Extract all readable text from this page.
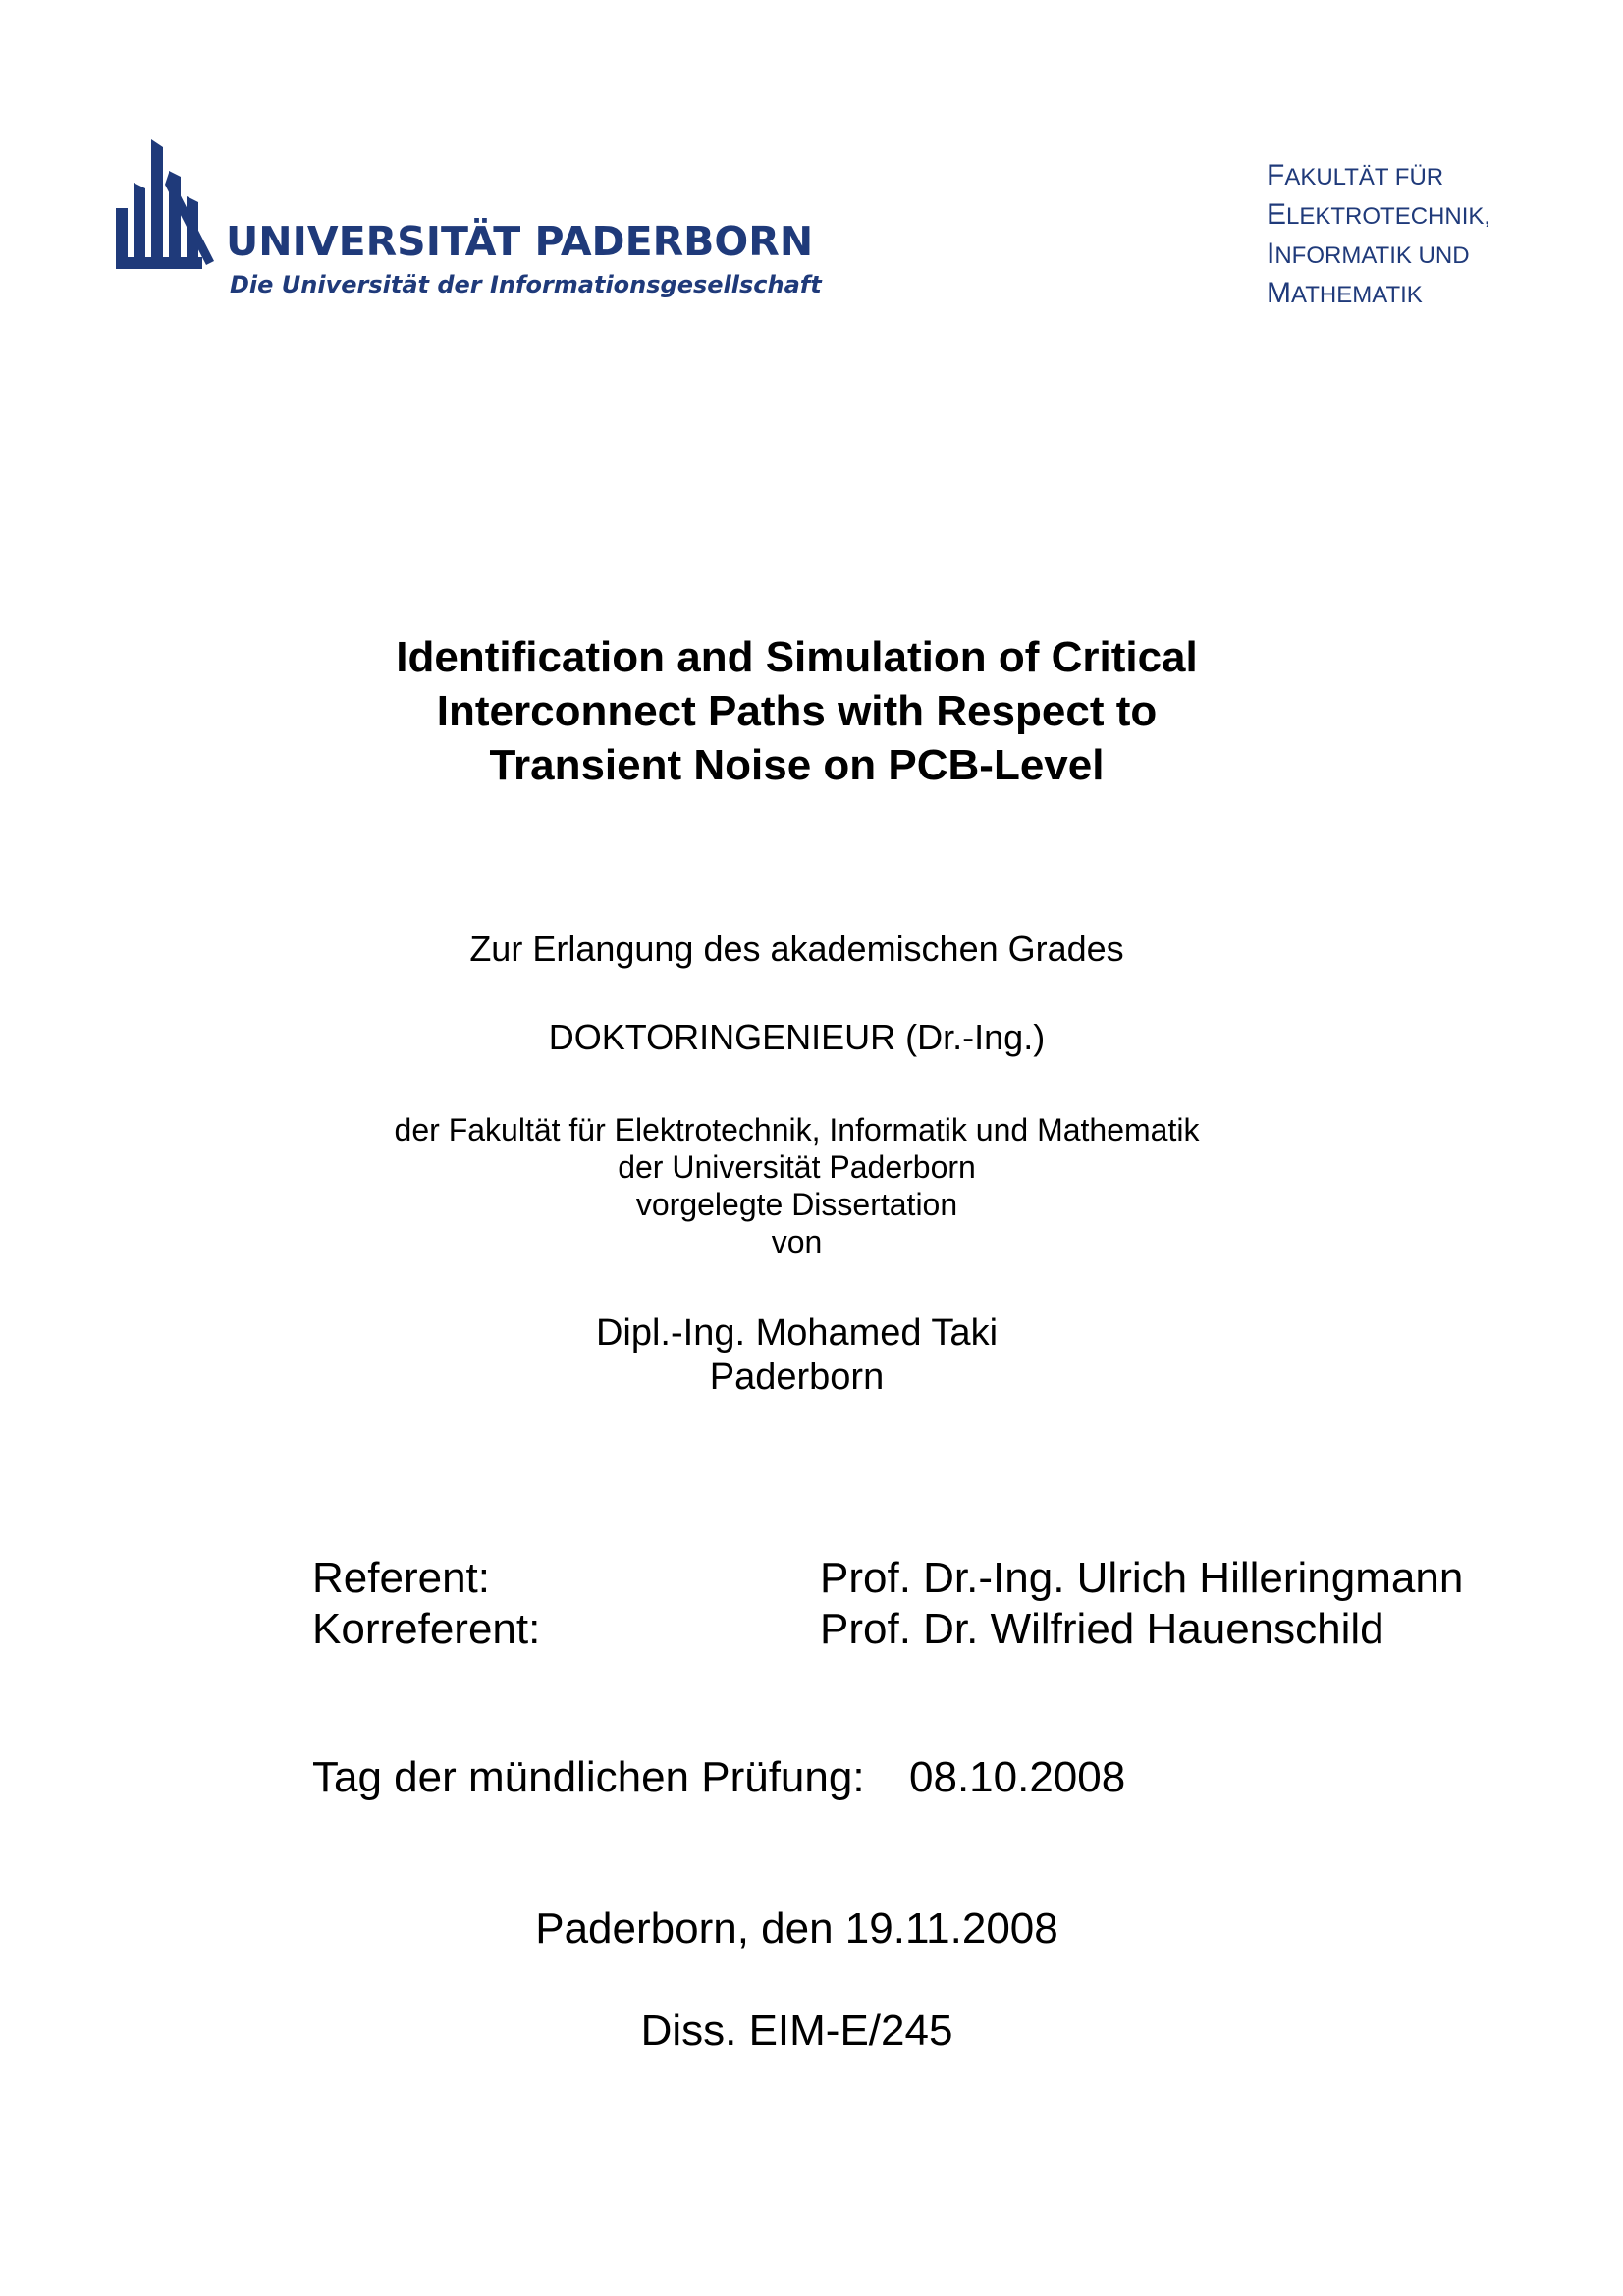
UNIVERSITÄT PADERBORN
Die Universität der Informationsgesellschaft
FAKULTÄT FÜR
ELEKTROTECHNIK,
INFORMATIK UND
MATHEMATIK
Identification and Simulation of Critical
Interconnect Paths with Respect to
Transient Noise on PCB-Level
Zur Erlangung des akademischen Grades
DOKTORINGENIEUR (Dr.-Ing.)
der Fakultät für Elektrotechnik, Informatik und Mathematik
der Universität Paderborn
vorgelegte Dissertation
von
Dipl.-Ing. Mohamed Taki
Paderborn
Referent:	Prof. Dr.-Ing. Ulrich Hilleringmann
Korreferent:	Prof. Dr. Wilfried Hauenschild
Tag der mündlichen Prüfung: 08.10.2008
Paderborn, den 19.11.2008
Diss. EIM-E/245
